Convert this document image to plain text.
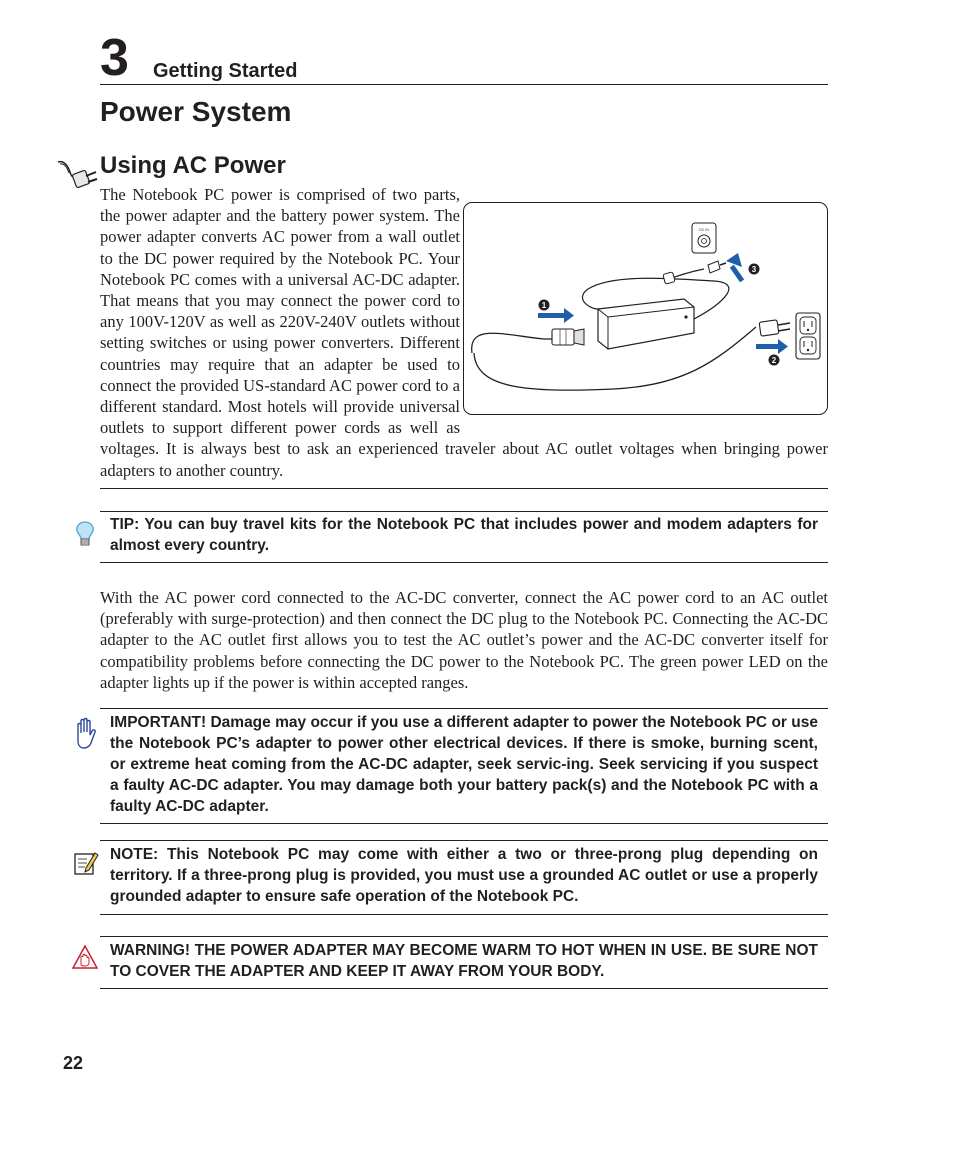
3 Getting Started
Power System
Using AC Power
The Notebook PC power is comprised of two parts, the power adapter and the battery power system. The power adapter converts AC power from a wall outlet to the DC power required by the Notebook PC. Your Notebook PC comes with a universal AC-DC adapter. That means that you may connect the power cord to any 100V-120V as well as 220V-240V outlets without setting switches or using power converters. Different countries may require that an adapter be used to connect the provided US-standard AC power cord to a different standard. Most hotels will provide universal outlets to support different power cords as well as voltages. It is always best to ask an experienced traveler about AC outlet voltages when bringing power adapters to another country.
DC IN
1
2
3
TIP: You can buy travel kits for the Notebook PC that includes power and modem adapters for almost every country.
With the AC power cord connected to the AC-DC converter, connect the AC power cord to an AC outlet (preferably with surge-protection) and then connect the DC plug to the Notebook PC. Connecting the AC-DC adapter to the AC outlet first allows you to test the AC outlet’s power and the AC-DC converter itself for compatibility problems before connecting the DC power to the Notebook PC. The green power LED on the adapter lights up if the power is within accepted ranges.
IMPORTANT! Damage may occur if you use a different adapter to power the Notebook PC or use the Notebook PC’s adapter to power other electrical devices. If there is smoke, burning scent, or extreme heat coming from the AC-DC adapter, seek servic-ing. Seek servicing if you suspect a faulty AC-DC adapter. You may damage both your battery pack(s) and the Notebook PC with a faulty AC-DC adapter.
NOTE: This Notebook PC may come with either a two or three-prong plug depending on territory. If a three-prong plug is provided, you must use a grounded AC outlet or use a properly grounded adapter to ensure safe operation of the Notebook PC.
WARNING! THE POWER ADAPTER MAY BECOME WARM TO HOT WHEN IN USE. BE SURE NOT TO COVER THE ADAPTER AND KEEP IT AWAY FROM YOUR BODY.
22
